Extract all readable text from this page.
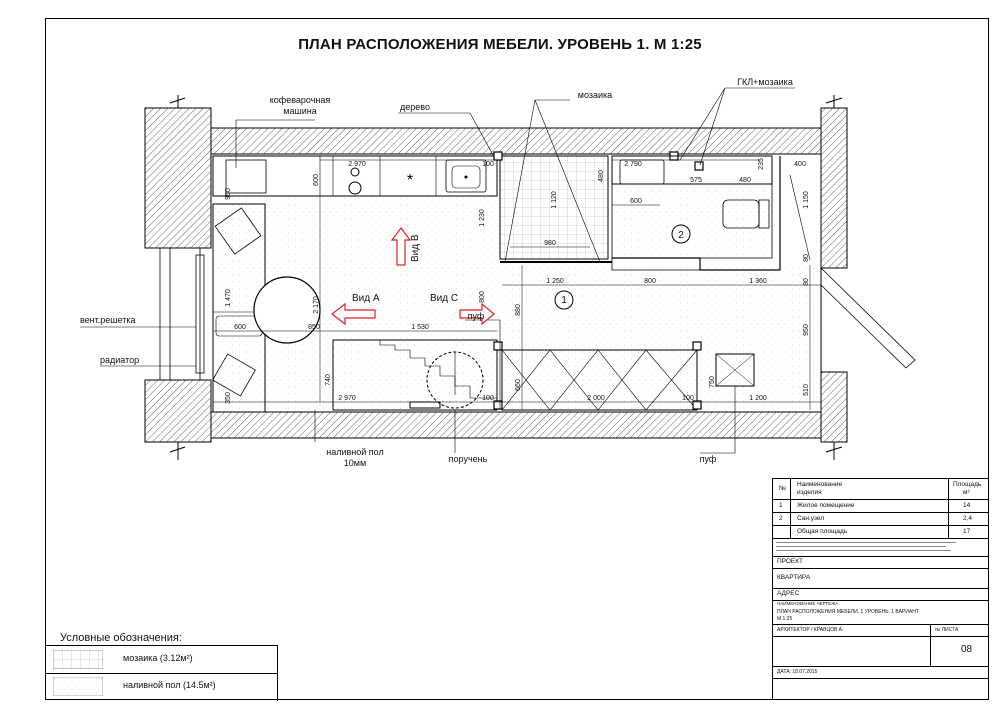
ПЛАН РАСПОЛОЖЕНИЯ МЕБЕЛИ. УРОВЕНЬ 1. М 1:25
кофеварочная
машина	дерево
мозаика
ГКЛ+мозаика
вент.решетка
радиатор
наливной пол
10мм	поручень
пуф
пуф
Вид А
Вид В
Вид С	1
2
*
2 970	2 790
575	480
480
235	400
600
950
1 230
1 120
980
600	1 150
1 250	800	1 360
80
80
1 470	2 170
600	850	1 530
880
800
950
740	660	750
510
350	2 970	100	2 000	100	1 200
100
Условные обозначения:
мозаика (3.12м²)
наливной пол (14.5м²)
№
Наименование
изделия
Площадь
м²
1 Жилое помещение	14
2 Сан.узел	2,4
Общая площадь	17
ПРОЕКТ
КВАРТИРА
АДРЕС
НАИМЕНОВАНИЕ ЧЕРТЕЖА
ПЛАН РАСПОЛОЖЕНИЯ МЕБЕЛИ. 1 УРОВЕНЬ. 1 ВАРИАНТ
М 1:25
АРХИТЕКТОР / КРАВЦОВ А.	№ ЛИСТА
08
ДАТА: 18.07.2015
